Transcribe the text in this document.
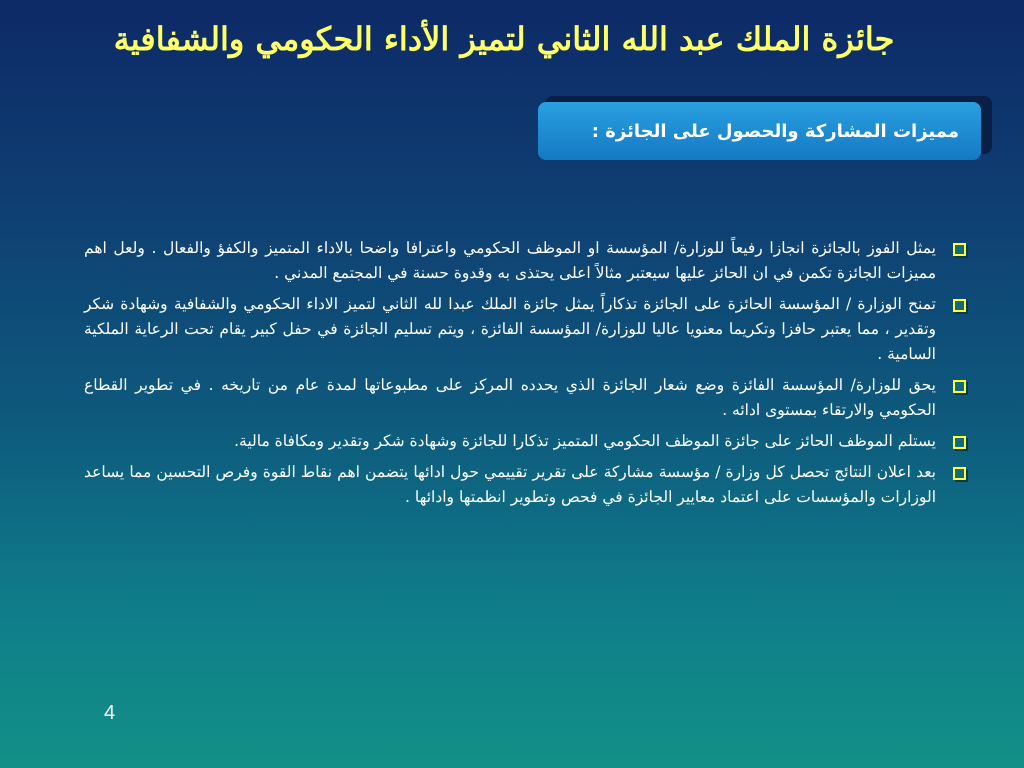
جائزة الملك عبد الله الثاني لتميز الأداء الحكومي والشفافية
مميزات المشاركة والحصول على الجائزة :
يمثل الفوز بالجائزة انجازا رفيعاً للوزارة/ المؤسسة او الموظف الحكومي واعترافا واضحا بالاداء المتميز والكفؤ والفعال . ولعل اهم مميزات الجائزة تكمن في ان الحائز عليها سيعتبر مثالاً اعلى يحتذى به وقدوة حسنة في المجتمع المدني .
تمنح الوزارة / المؤسسة الحائزة على الجائزة تذكاراً يمثل جائزة الملك عبدا لله الثاني لتميز الاداء الحكومي والشفافية وشهادة شكر وتقدير ، مما يعتبر حافزا وتكريما معنويا عاليا للوزارة/ المؤسسة الفائزة ، ويتم تسليم الجائزة في حفل كبير يقام تحت الرعاية الملكية السامية .
يحق للوزارة/ المؤسسة الفائزة وضع شعار الجائزة الذي يحدده المركز على مطبوعاتها لمدة عام من تاريخه . في تطوير القطاع الحكومي والارتقاء بمستوى ادائه .
يستلم الموظف الحائز على جائزة الموظف الحكومي المتميز تذكارا للجائزة وشهادة شكر وتقدير ومكافاة مالية.
بعد اعلان النتائج تحصل كل وزارة / مؤسسة مشاركة على تقرير تقييمي حول ادائها يتضمن اهم نقاط القوة وفرص التحسين مما يساعد الوزارات والمؤسسات على اعتماد معايير الجائزة في فحص وتطوير انظمتها وادائها .
4
